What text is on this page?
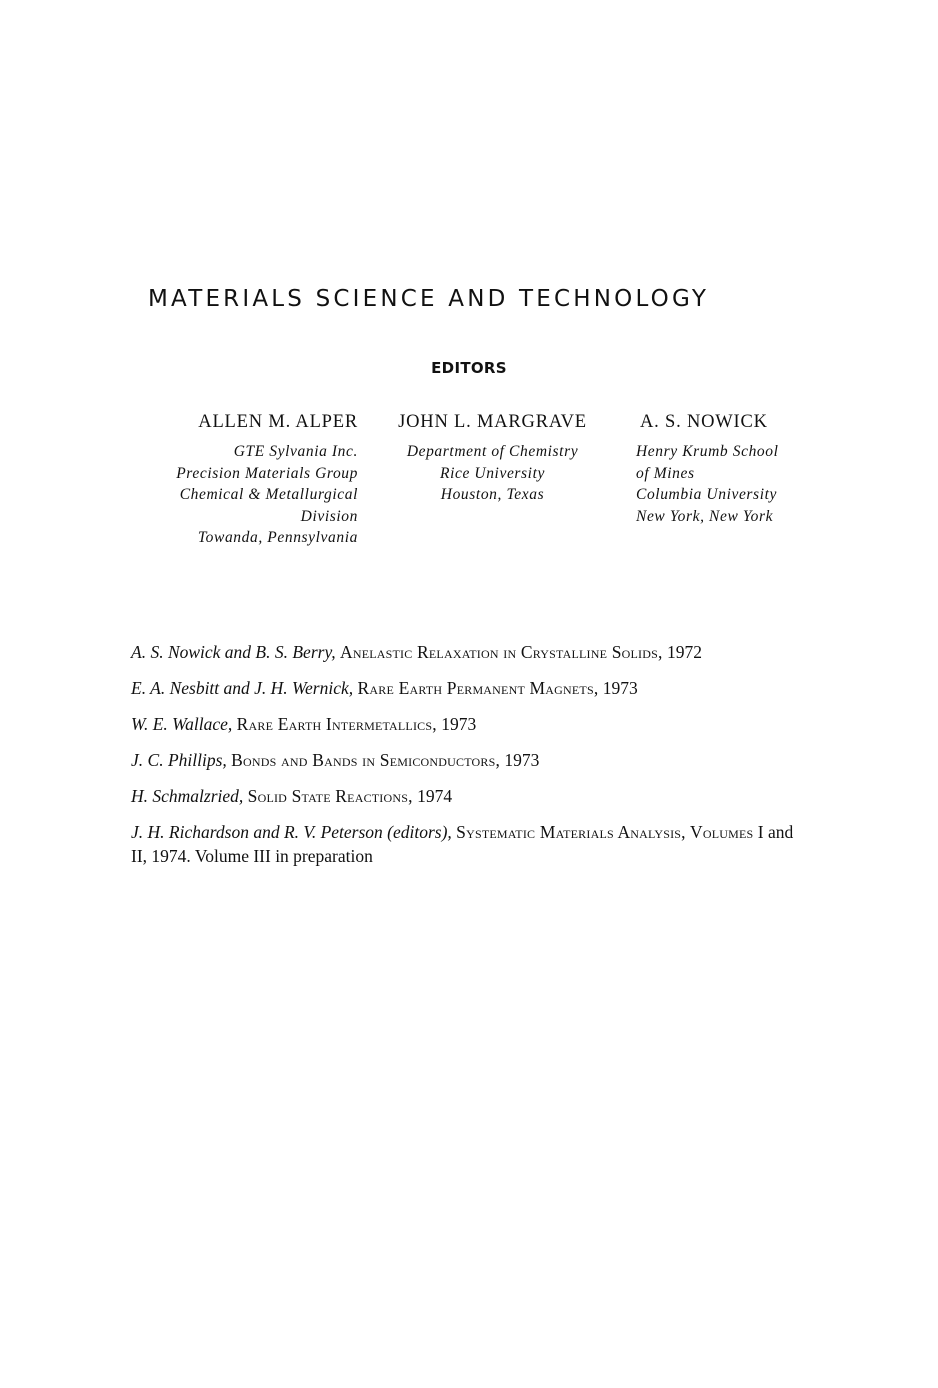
MATERIALS SCIENCE AND TECHNOLOGY
EDITORS
ALLEN M. ALPER
GTE Sylvania Inc.
Precision Materials Group
Chemical & Metallurgical
Division
Towanda, Pennsylvania
JOHN L. MARGRAVE
Department of Chemistry
Rice University
Houston, Texas
A. S. NOWICK
Henry Krumb School
of Mines
Columbia University
New York, New York
A. S. Nowick and B. S. Berry, Anelastic Relaxation in Crystalline Solids, 1972
E. A. Nesbitt and J. H. Wernick, Rare Earth Permanent Magnets, 1973
W. E. Wallace, Rare Earth Intermetallics, 1973
J. C. Phillips, Bonds and Bands in Semiconductors, 1973
H. Schmalzried, Solid State Reactions, 1974
J. H. Richardson and R. V. Peterson (editors), Systematic Materials Analysis, Volumes I and II, 1974. Volume III in preparation
